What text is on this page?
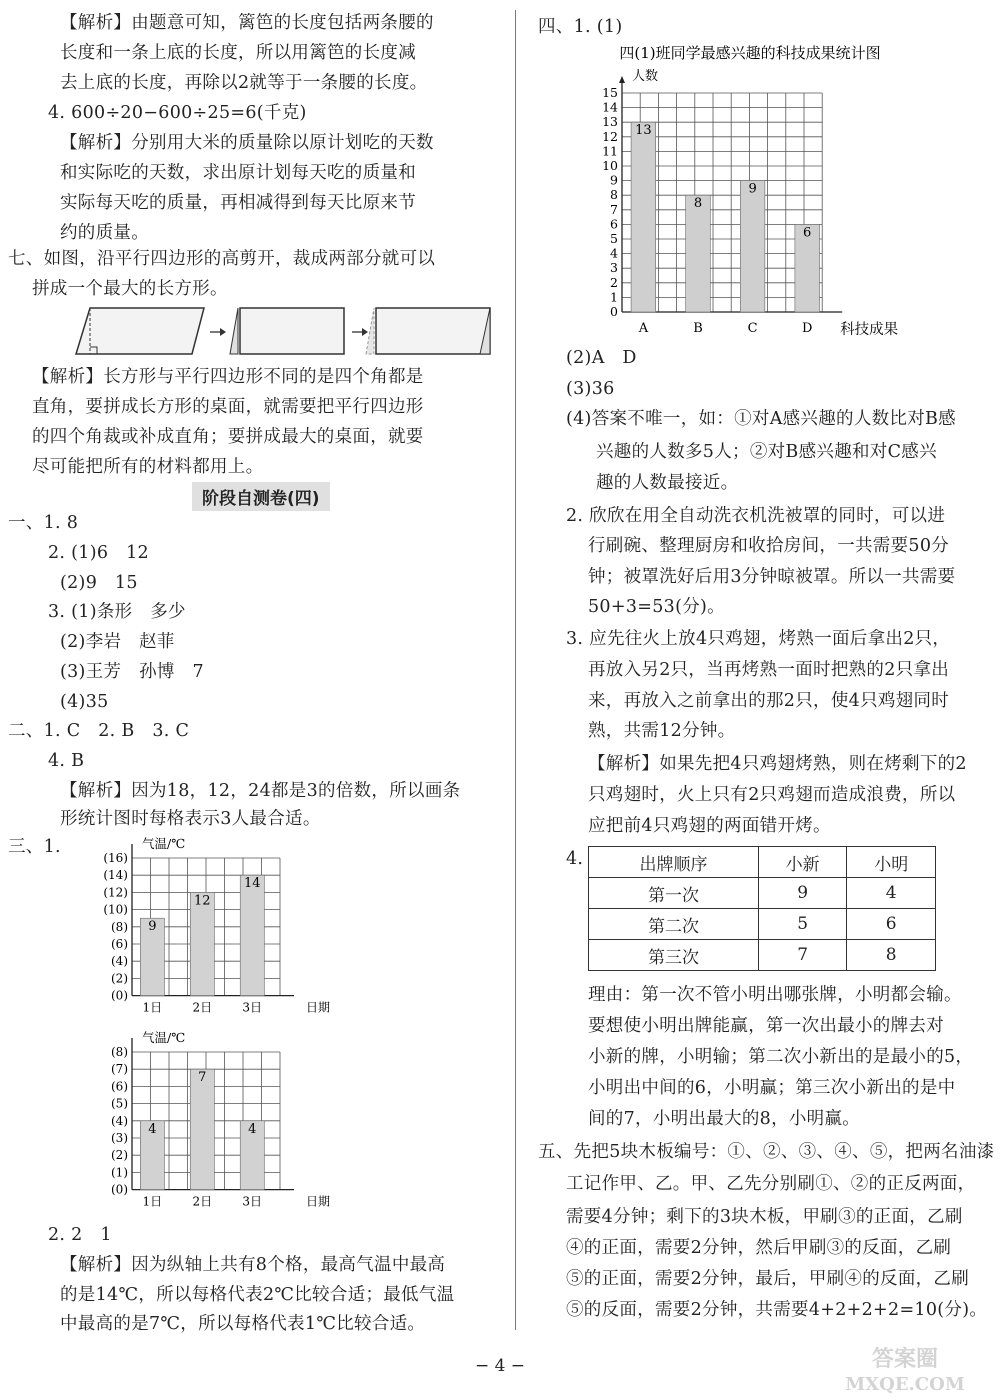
【解析】由题意可知，篱笆的长度包括两条腰的
长度和一条上底的长度，所以用篱笆的长度减
去上底的长度，再除以2就等于一条腰的长度。
4. 600÷20−600÷25=6(千克)
【解析】分别用大米的质量除以原计划吃的天数
和实际吃的天数，求出原计划每天吃的质量和
实际每天吃的质量，再相减得到每天比原来节
约的质量。
七、如图，沿平行四边形的高剪开，裁成两部分就可以
拼成一个最大的长方形。
【解析】长方形与平行四边形不同的是四个角都是
直角，要拼成长方形的桌面，就需要把平行四边形
的四个角裁或补成直角；要拼成最大的桌面，就要
尽可能把所有的材料都用上。
一、1. 8
2. (1)6　12
(2)9　15
3. (1)条形　多少
(2)李岩　赵菲
(3)王芳　孙博　7
(4)35
二、1. C　2. B　3. C
4. B
【解析】因为18，12，24都是3的倍数，所以画条
形统计图时每格表示3人最合适。
三、1.
2. 2　1
【解析】因为纵轴上共有8个格，最高气温中最高
的是14℃，所以每格代表2℃比较合适；最低气温
中最高的是7℃，所以每格代表1℃比较合适。
四、1. (1)
(2)A　D
(3)36
(4)答案不唯一，如：①对A感兴趣的人数比对B感
兴趣的人数多5人；②对B感兴趣和对C感兴
趣的人数最接近。
2. 欣欣在用全自动洗衣机洗被罩的同时，可以进
行刷碗、整理厨房和收拾房间，一共需要50分
钟；被罩洗好后用3分钟晾被罩。所以一共需要
50+3=53(分)。
3. 应先往火上放4只鸡翅，烤熟一面后拿出2只，
再放入另2只，当再烤熟一面时把熟的2只拿出
来，再放入之前拿出的那2只，使4只鸡翅同时
熟，共需12分钟。
【解析】如果先把4只鸡翅烤熟，则在烤剩下的2
只鸡翅时，火上只有2只鸡翅而造成浪费，所以
应把前4只鸡翅的两面错开烤。
4.
理由：第一次不管小明出哪张牌，小明都会输。
要想使小明出牌能赢，第一次出最小的牌去对
小新的牌，小明输；第二次小新出的是最小的5，
小明出中间的6，小明赢；第三次小新出的是中
间的7，小明出最大的8，小明赢。
五、先把5块木板编号：①、②、③、④、⑤，把两名油漆
工记作甲、乙。甲、乙先分别刷①、②的正反两面，
需要4分钟；剩下的3块木板，甲刷③的正面，乙刷
④的正面，需要2分钟，然后甲刷③的反面，乙刷
⑤的正面，需要2分钟，最后，甲刷④的反面，乙刷
⑤的反面，需要2分钟，共需要4+2+2+2=10(分)。
阶段自测卷(四)
四(1)班同学最感兴趣的科技成果统计图
人数
0
1
2
3
4
5
6
7
8
9
10
11
12
13
14
15
13
A
8
B
9
C
6
D 科技成果
气温/℃
(0)
(2)
(4)
(6)
(8)
(10)
(12)
(14)
(16)
9
1日
12
2日
14
3日	日期
气温/℃
(0)
(1)
(2)
(3)
(4)
(5)
(6)
(7)
(8)
4
1日
7
2日
4
3日	日期
出牌顺序	小新	小明
第一次	9	4
第二次	5	6
第三次	7	8
− 4 −	答案圈
MXQE.COM
